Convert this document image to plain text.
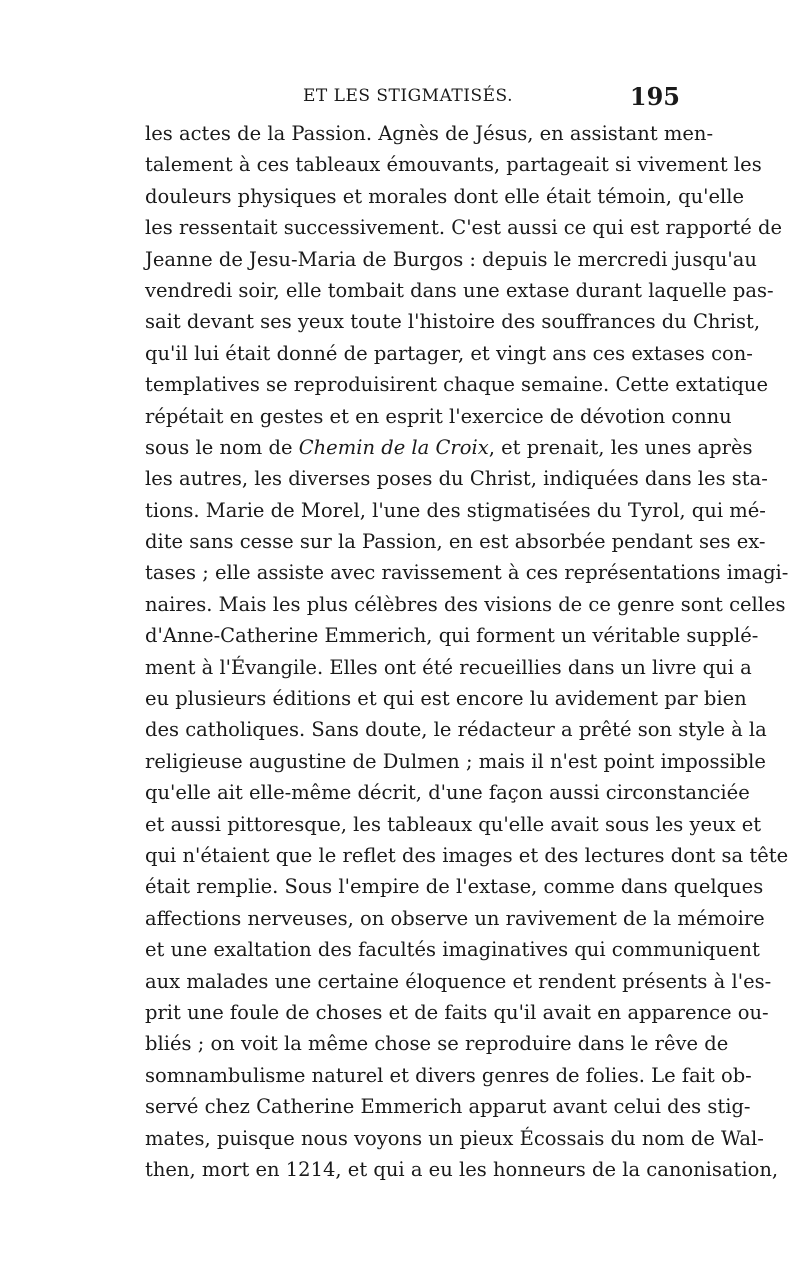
ET LES STIGMATISÉS.	195
les actes de la Passion. Agnès de Jésus, en assistant men-
talement à ces tableaux émouvants, partageait si vivement les
douleurs physiques et morales dont elle était témoin, qu'elle
les ressentait successivement. C'est aussi ce qui est rapporté de
Jeanne de Jesu-Maria de Burgos : depuis le mercredi jusqu'au
vendredi soir, elle tombait dans une extase durant laquelle pas-
sait devant ses yeux toute l'histoire des souffrances du Christ,
qu'il lui était donné de partager, et vingt ans ces extases con-
templatives se reproduisirent chaque semaine. Cette extatique
répétait en gestes et en esprit l'exercice de dévotion connu
sous le nom de Chemin de la Croix, et prenait, les unes après
les autres, les diverses poses du Christ, indiquées dans les sta-
tions. Marie de Morel, l'une des stigmatisées du Tyrol, qui mé-
dite sans cesse sur la Passion, en est absorbée pendant ses ex-
tases ; elle assiste avec ravissement à ces représentations imagi-
naires. Mais les plus célèbres des visions de ce genre sont celles
d'Anne-Catherine Emmerich, qui forment un véritable supplé-
ment à l'Évangile. Elles ont été recueillies dans un livre qui a
eu plusieurs éditions et qui est encore lu avidement par bien
des catholiques. Sans doute, le rédacteur a prêté son style à la
religieuse augustine de Dulmen ; mais il n'est point impossible
qu'elle ait elle-même décrit, d'une façon aussi circonstanciée
et aussi pittoresque, les tableaux qu'elle avait sous les yeux et
qui n'étaient que le reflet des images et des lectures dont sa tête
était remplie. Sous l'empire de l'extase, comme dans quelques
affections nerveuses, on observe un ravivement de la mémoire
et une exaltation des facultés imaginatives qui communiquent
aux malades une certaine éloquence et rendent présents à l'es-
prit une foule de choses et de faits qu'il avait en apparence ou-
bliés ; on voit la même chose se reproduire dans le rêve de
somnambulisme naturel et divers genres de folies. Le fait ob-
servé chez Catherine Emmerich apparut avant celui des stig-
mates, puisque nous voyons un pieux Écossais du nom de Wal-
then, mort en 1214, et qui a eu les honneurs de la canonisation,
